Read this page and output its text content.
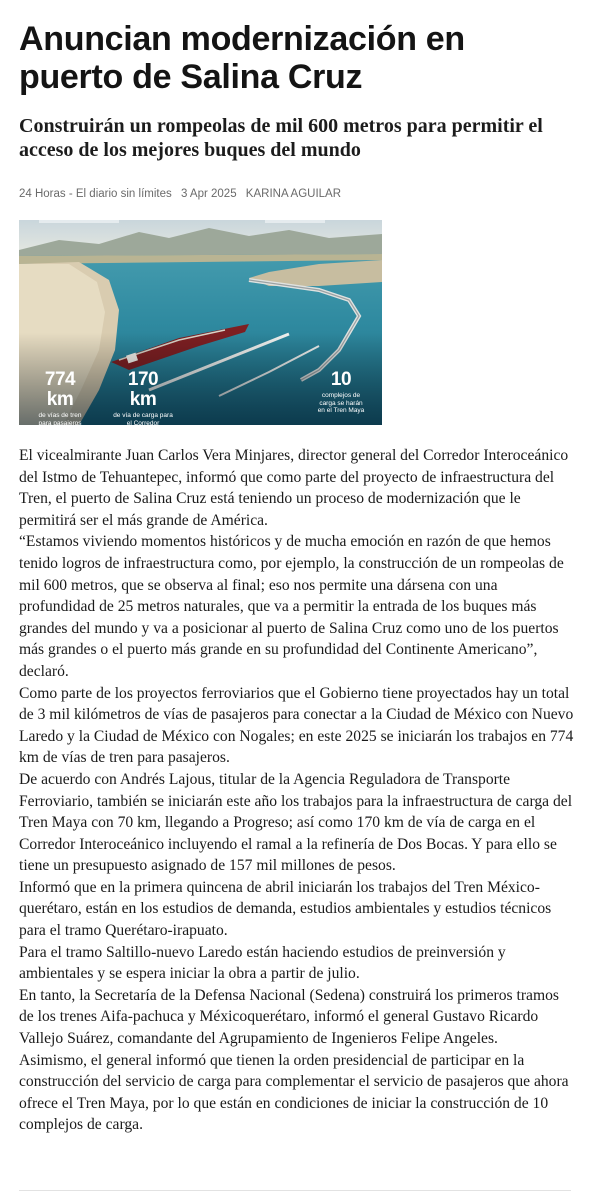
Anuncian modernización en puerto de Salina Cruz
Construirán un rompeolas de mil 600 metros para permitir el acceso de los mejores buques del mundo
24 Horas - El diario sin límites 3 Apr 2025 KARINA AGUILAR
774 km
de vías de tren para pasajeros construirán
170 km
de vía de carga para el Corredor Interoceánico
10
complejos de carga se harán en el Tren Maya

El vicealmirante Juan Carlos Vera Minjares, director general del Corredor Interoceánico del Istmo de Tehuantepec, informó que como parte del proyecto de infraestructura del Tren, el puerto de Salina Cruz está teniendo un proceso de modernización que le permitirá ser el más grande de América.

“Estamos viviendo momentos históricos y de mucha emoción en razón de que hemos tenido logros de infraestructura como, por ejemplo, la construcción de un rompeolas de mil 600 metros, que se observa al final; eso nos permite una dársena con una profundidad de 25 metros naturales, que va a permitir la entrada de los buques más grandes del mundo y va a posicionar al puerto de Salina Cruz como uno de los puertos más grandes o el puerto más grande en su profundidad del Continente Americano”, declaró.

Como parte de los proyectos ferroviarios que el Gobierno tiene proyectados hay un total de 3 mil kilómetros de vías de pasajeros para conectar a la Ciudad de México con Nuevo Laredo y la Ciudad de México con Nogales; en este 2025 se iniciarán los trabajos en 774 km de vías de tren para pasajeros.

De acuerdo con Andrés Lajous, titular de la Agencia Reguladora de Transporte Ferroviario, también se iniciarán este año los trabajos para la infraestructura de carga del Tren Maya con 70 km, llegando a Progreso; así como 170 km de vía de carga en el Corredor Interoceánico incluyendo el ramal a la refinería de Dos Bocas. Y para ello se tiene un presupuesto asignado de 157 mil millones de pesos.

Informó que en la primera quincena de abril iniciarán los trabajos del Tren México-querétaro, están en los estudios de demanda, estudios ambientales y estudios técnicos para el tramo Querétaro-irapuato.

Para el tramo Saltillo-nuevo Laredo están haciendo estudios de preinversión y ambientales y se espera iniciar la obra a partir de julio.

En tanto, la Secretaría de la Defensa Nacional (Sedena) construirá los primeros tramos de los trenes Aifa-pachuca y Méxicoquerétaro, informó el general Gustavo Ricardo Vallejo Suárez, comandante del Agrupamiento de Ingenieros Felipe Angeles.

Asimismo, el general informó que tienen la orden presidencial de participar en la construcción del servicio de carga para complementar el servicio de pasajeros que ahora ofrece el Tren Maya, por lo que están en condiciones de iniciar la construcción de 10 complejos de carga.
